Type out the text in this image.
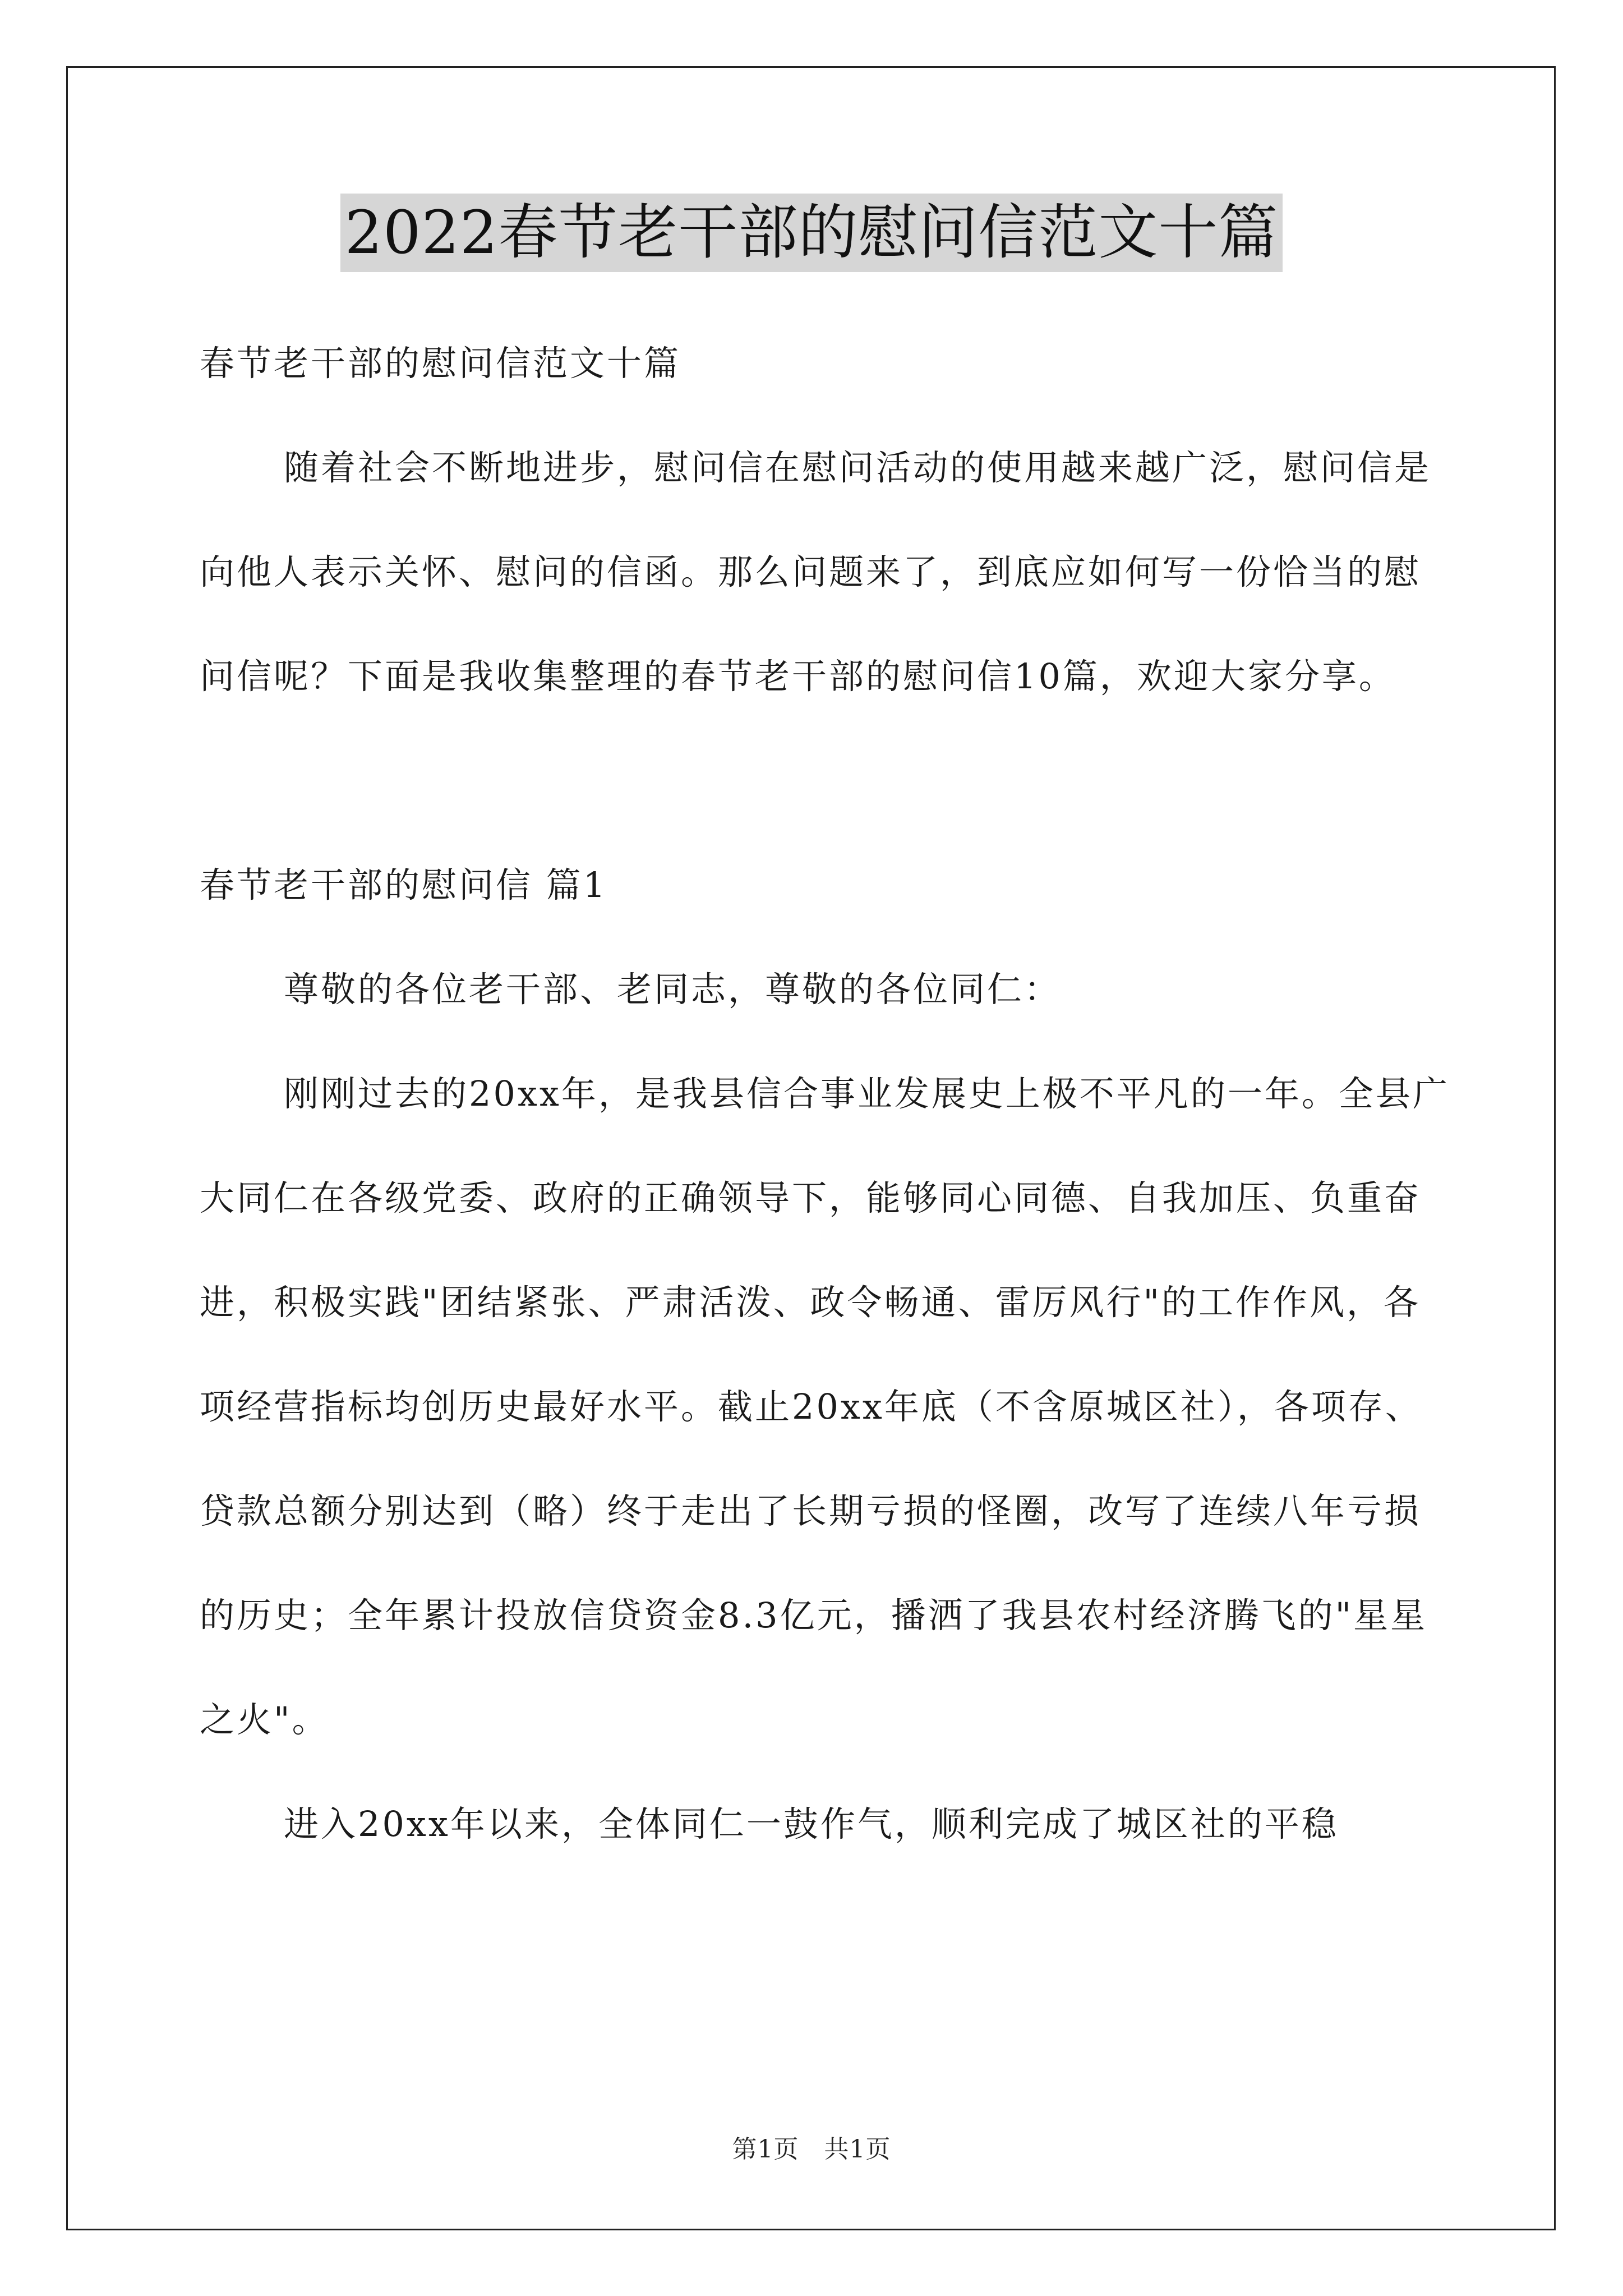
2022春节老干部的慰问信范文十篇

春节老干部的慰问信范文十篇

随着社会不断地进步，慰问信在慰问活动的使用越来越广泛，慰问信是向他人表示关怀、慰问的信函。那么问题来了，到底应如何写一份恰当的慰问信呢？下面是我收集整理的春节老干部的慰问信10篇，欢迎大家分享。

春节老干部的慰问信 篇1

尊敬的各位老干部、老同志，尊敬的各位同仁：

刚刚过去的20xx年，是我县信合事业发展史上极不平凡的一年。全县广大同仁在各级党委、政府的正确领导下，能够同心同德、自我加压、负重奋进，积极实践"团结紧张、严肃活泼、政令畅通、雷厉风行"的工作作风，各项经营指标均创历史最好水平。截止20xx年底（不含原城区社），各项存、贷款总额分别达到（略）终于走出了长期亏损的怪圈，改写了连续八年亏损的历史；全年累计投放信贷资金8.3亿元，播洒了我县农村经济腾飞的"星星之火"。

进入20xx年以来，全体同仁一鼓作气，顺利完成了城区社的平稳

第1页　共1页
